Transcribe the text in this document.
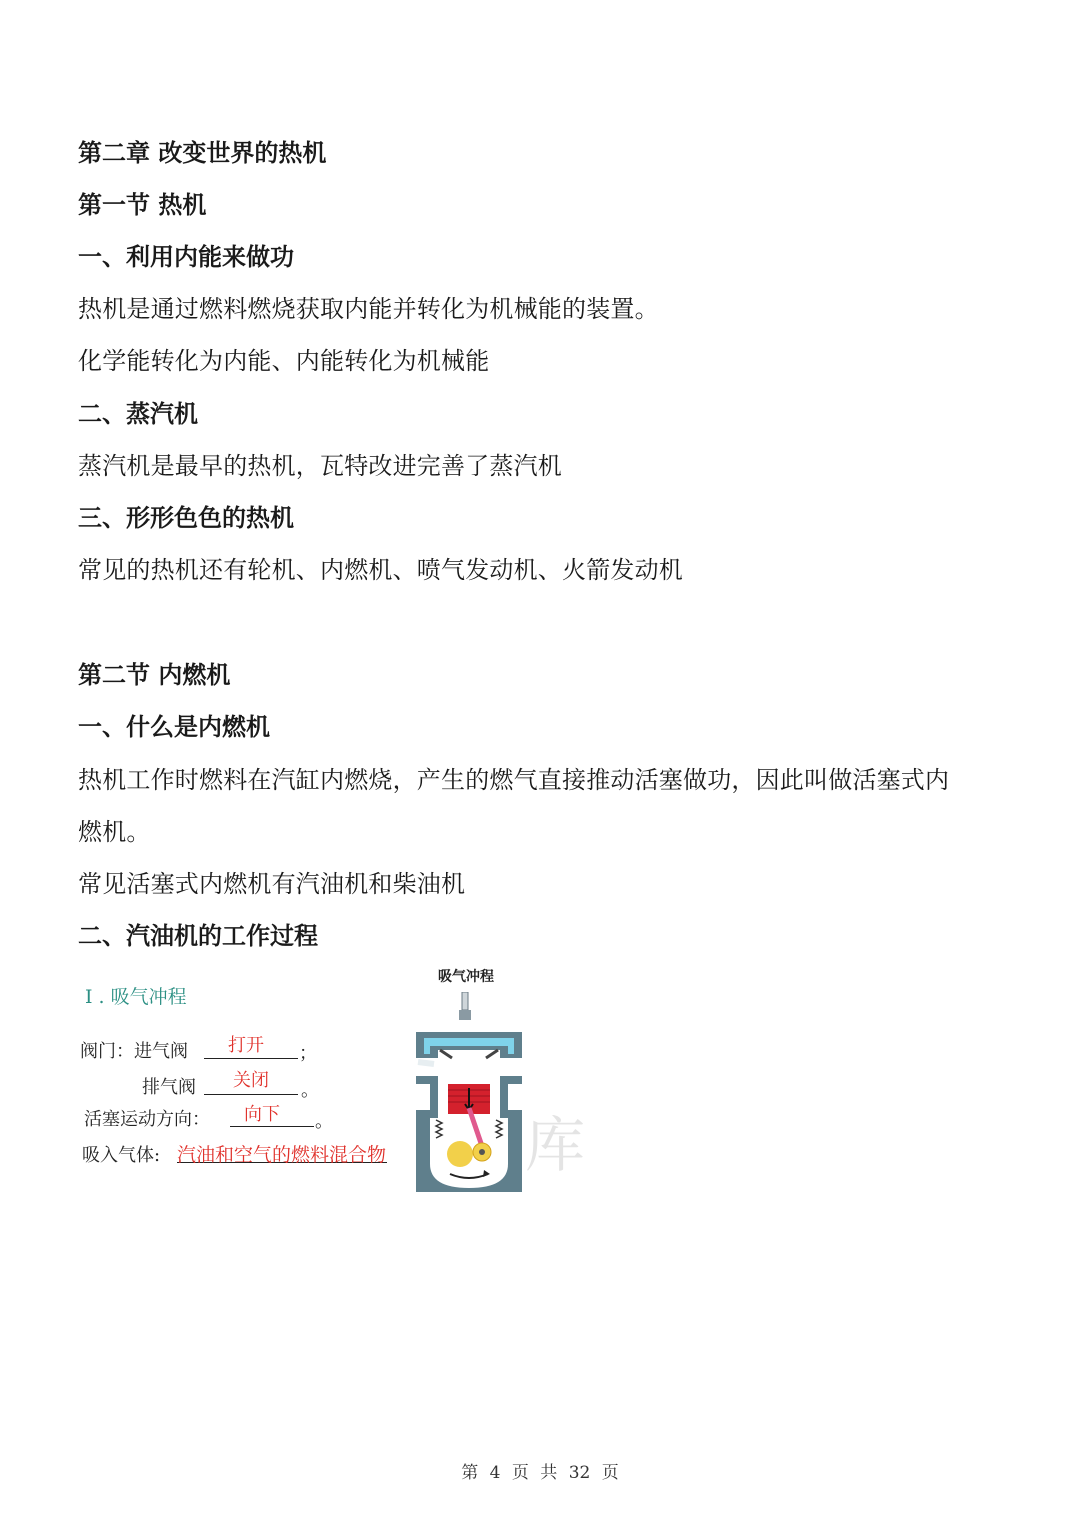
第二章 改变世界的热机
第一节 热机
一、利用内能来做功
热机是通过燃料燃烧获取内能并转化为机械能的装置。
化学能转化为内能、内能转化为机械能
二、蒸汽机
蒸汽机是最早的热机，瓦特改进完善了蒸汽机
三、形形色色的热机
常见的热机还有轮机、内燃机、喷气发动机、火箭发动机
第二节 内燃机
一、什么是内燃机
热机工作时燃料在汽缸内燃烧，产生的燃气直接推动活塞做功，因此叫做活塞式内
燃机。
常见活塞式内燃机有汽油机和柴油机
二、汽油机的工作过程
I . 吸气冲程
阀门：进气阀 打开 ；
排气阀 关闭 。
活塞运动方向： 向下 。
吸入气体: 汽油和空气的燃料混合物
吸气冲程
库
第 4 页 共 32 页
